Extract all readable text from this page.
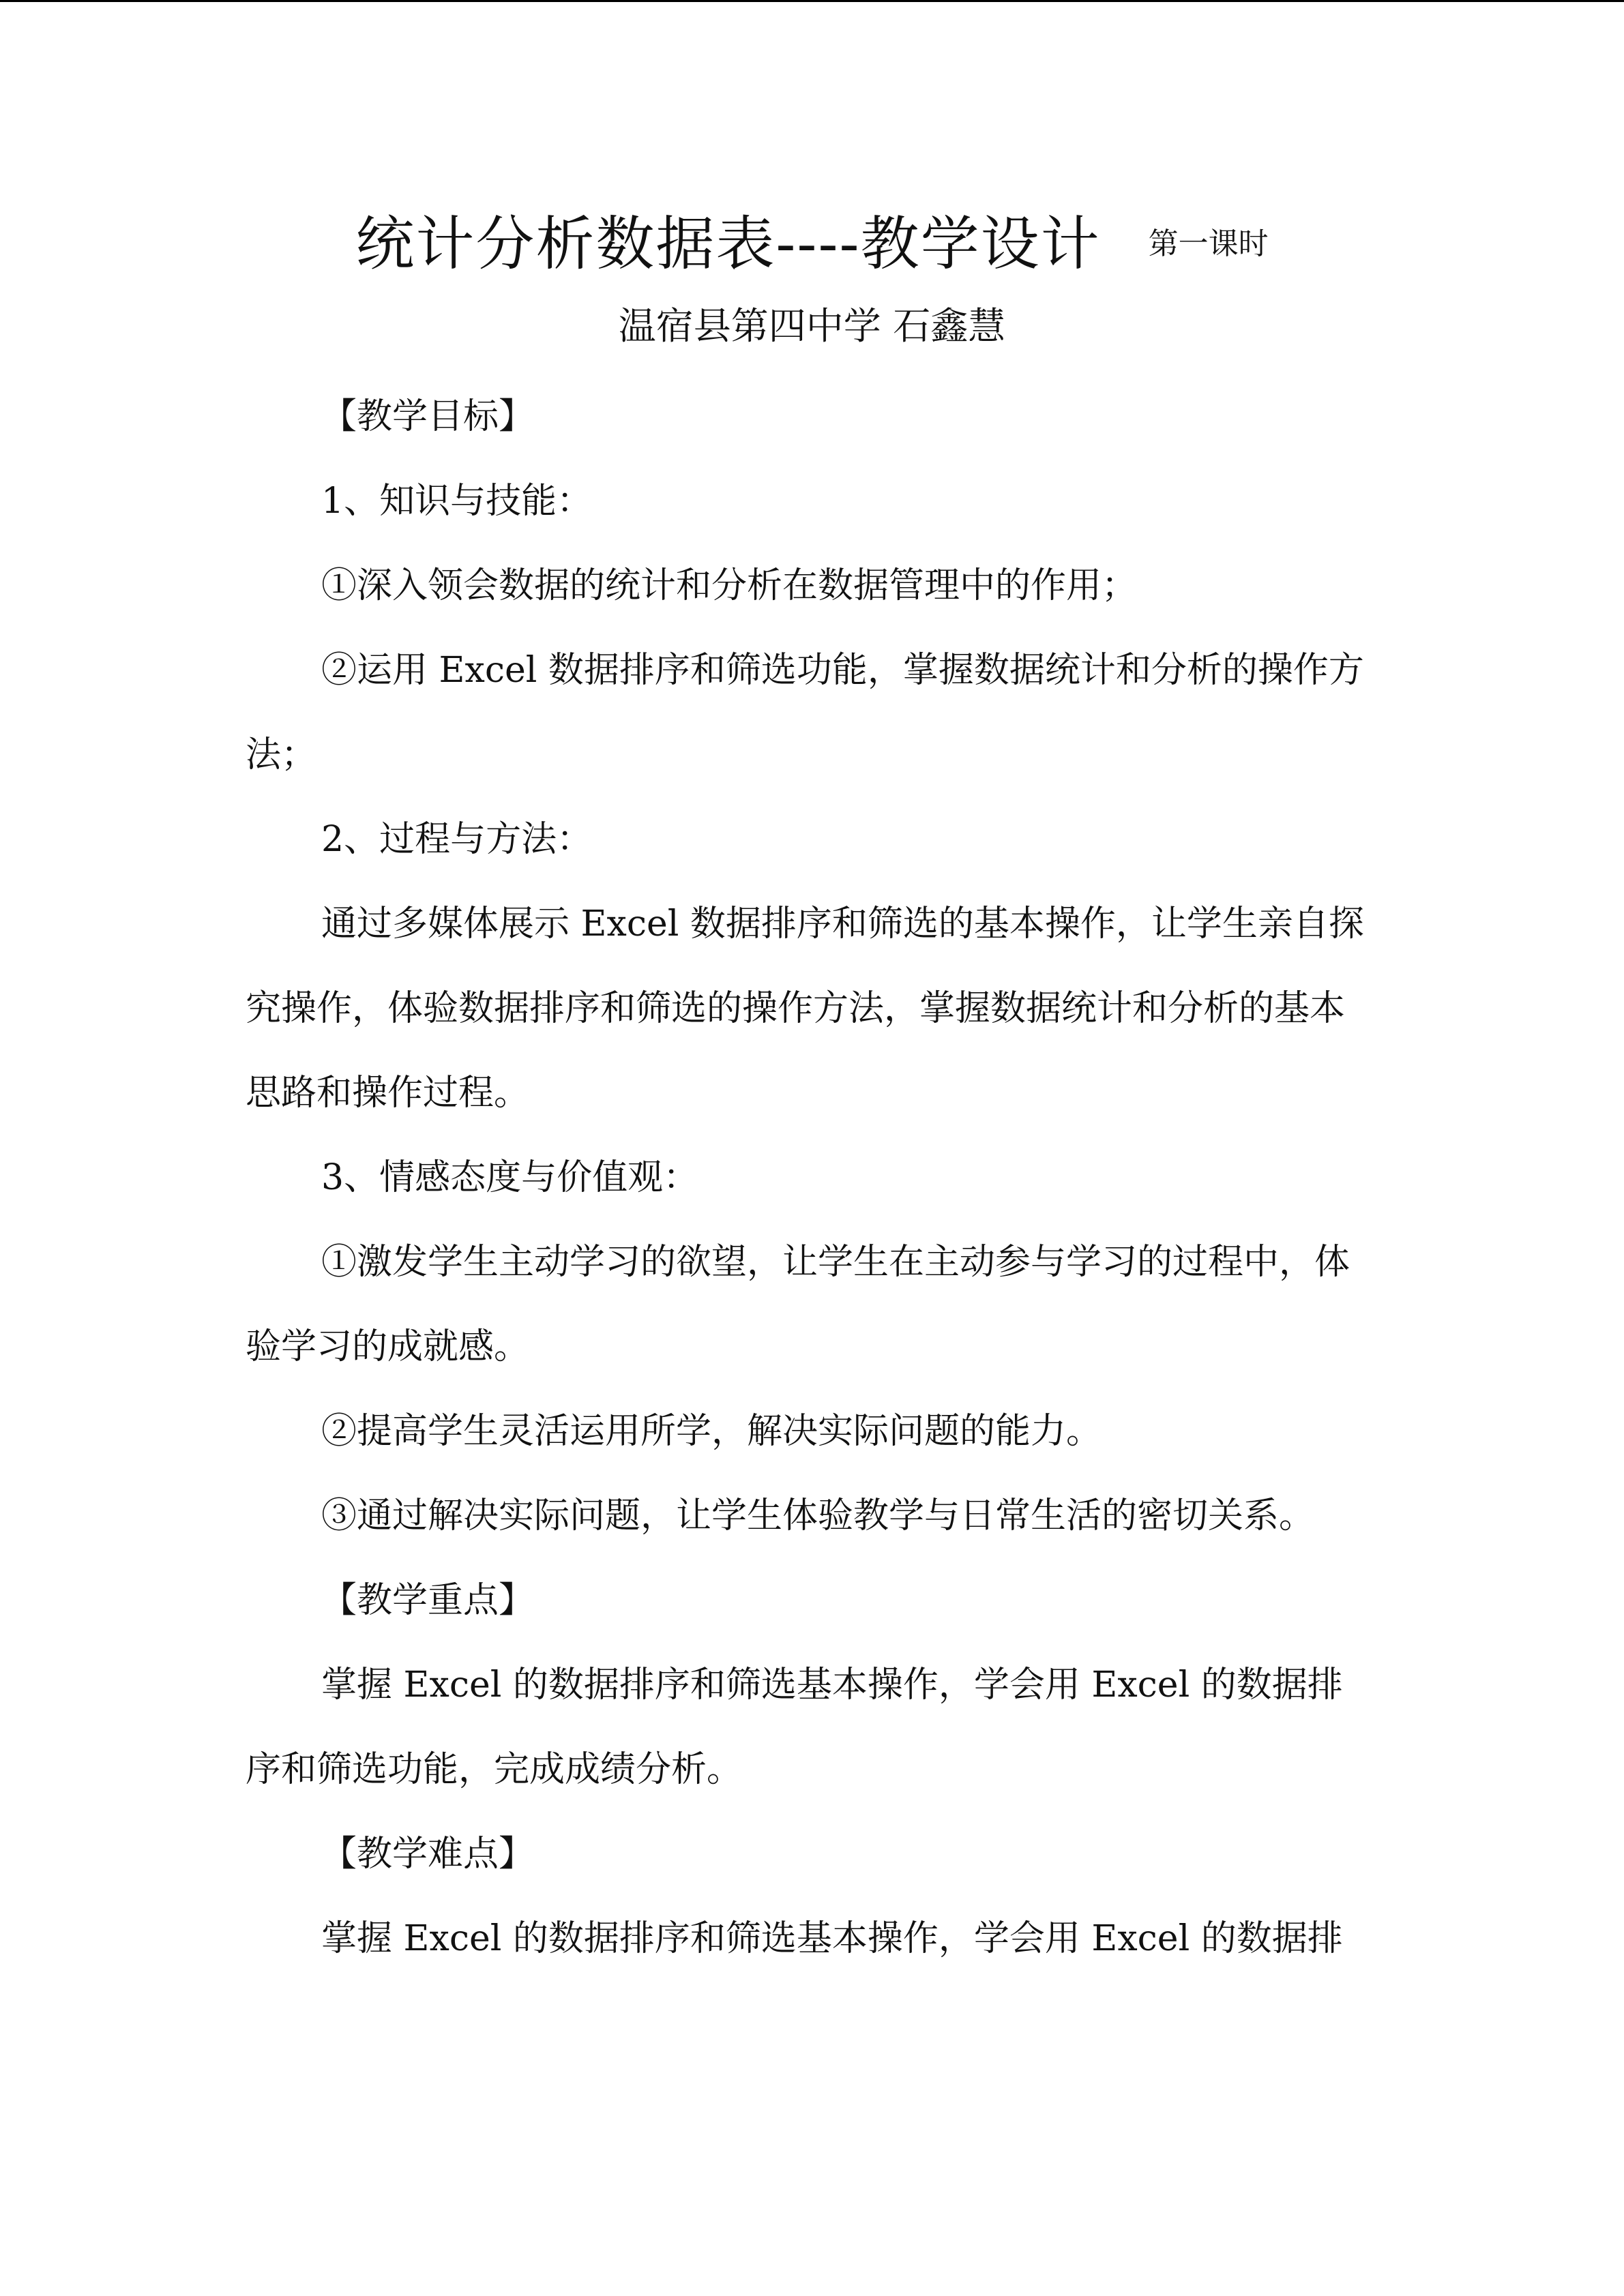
统计分析数据表----教学设计 第一课时
温宿县第四中学 石鑫慧

【教学目标】

1、知识与技能：

①深入领会数据的统计和分析在数据管理中的作用；

②运用 Excel 数据排序和筛选功能，掌握数据统计和分析的操作方法；

2、过程与方法：

通过多媒体展示 Excel 数据排序和筛选的基本操作，让学生亲自探究操作，体验数据排序和筛选的操作方法，掌握数据统计和分析的基本思路和操作过程。

3、情感态度与价值观：

①激发学生主动学习的欲望，让学生在主动参与学习的过程中，体验学习的成就感。

②提高学生灵活运用所学，解决实际问题的能力。

③通过解决实际问题，让学生体验教学与日常生活的密切关系。

【教学重点】

掌握 Excel 的数据排序和筛选基本操作，学会用 Excel 的数据排序和筛选功能，完成成绩分析。

【教学难点】

掌握 Excel 的数据排序和筛选基本操作，学会用 Excel 的数据排
